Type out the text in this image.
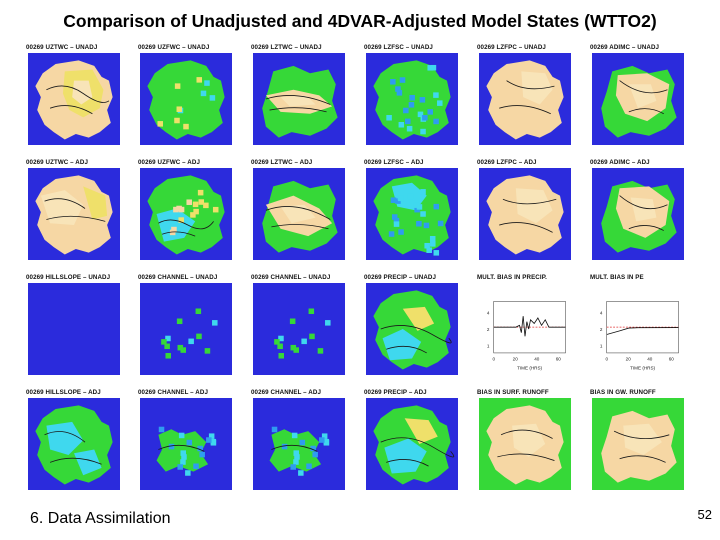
Comparison of Unadjusted and 4DVAR-Adjusted Model States (WTTO2)
00269 UZTWC – UNADJ	00269 UZFWC – UNADJ	00269 LZTWC – UNADJ	00269 LZFSC – UNADJ	00269 LZFPC – UNADJ	00269 ADIMC – UNADJ
00269 UZTWC – ADJ	00269 UZFWC – ADJ	00269 LZTWC – ADJ	00269 LZFSC – ADJ	00269 LZFPC – ADJ	00269 ADIMC – ADJ
00269 HILLSLOPE – UNADJ	00269 CHANNEL – UNADJ	00269 CHANNEL – UNADJ	00269 PRECIP – UNADJ	MULT. BIAS IN PRECIP.
0	20	40	60
1
2
4
TIME (HRS)
MULT. BIAS IN PE
0	20	40	60
1
2
4
TIME (HRS)
00269 HILLSLOPE – ADJ	00269 CHANNEL – ADJ	00269 CHANNEL – ADJ	00269 PRECIP – ADJ	BIAS IN SURF. RUNOFF	BIAS IN GW. RUNOFF
6. Data Assimilation	52
